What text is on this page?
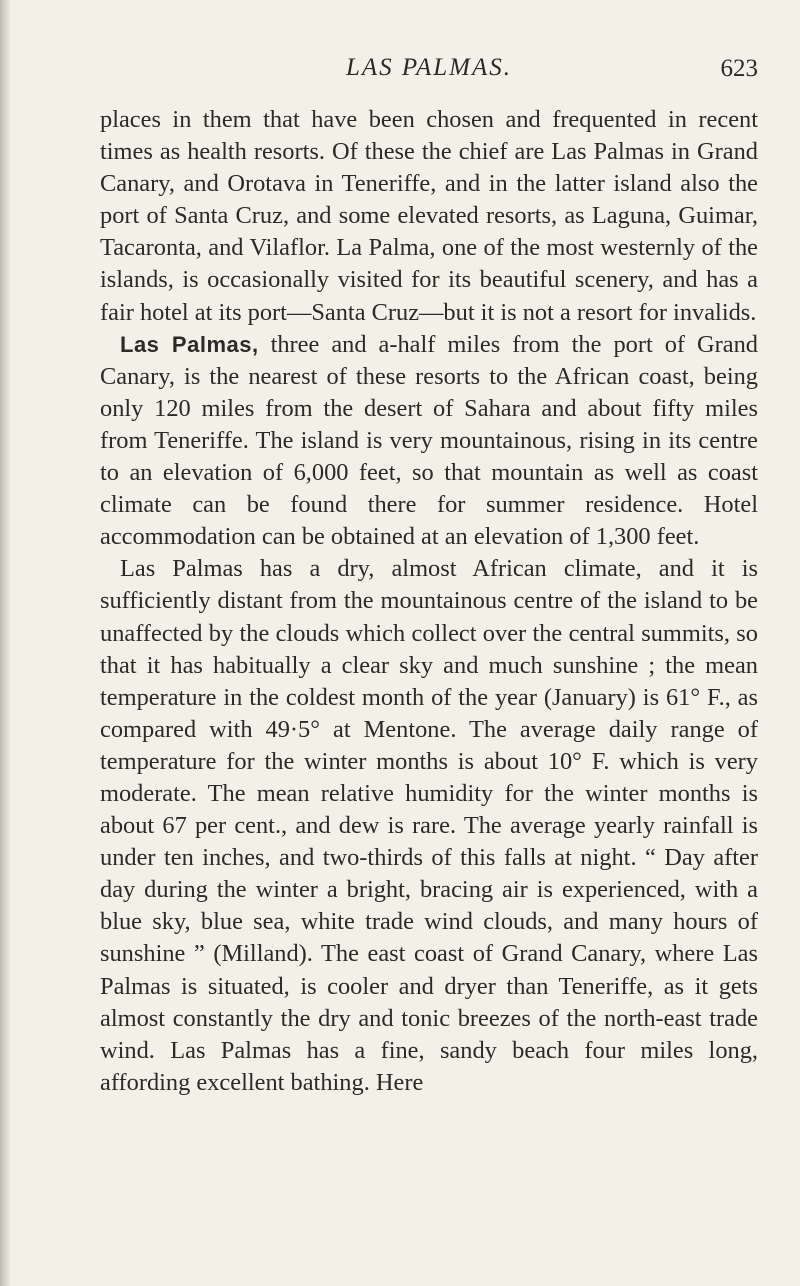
LAS PALMAS.	623

places in them that have been chosen and frequented in recent times as health resorts. Of these the chief are Las Palmas in Grand Canary, and Orotava in Teneriffe, and in the latter island also the port of Santa Cruz, and some elevated resorts, as Laguna, Guimar, Tacaronta, and Vilaflor. La Palma, one of the most westernly of the islands, is occasionally visited for its beautiful scenery, and has a fair hotel at its port—Santa Cruz—but it is not a resort for invalids.

Las Palmas, three and a-half miles from the port of Grand Canary, is the nearest of these resorts to the African coast, being only 120 miles from the desert of Sahara and about fifty miles from Teneriffe. The island is very mountainous, rising in its centre to an elevation of 6,000 feet, so that mountain as well as coast climate can be found there for summer residence. Hotel accommodation can be obtained at an elevation of 1,300 feet.

Las Palmas has a dry, almost African climate, and it is sufficiently distant from the mountainous centre of the island to be unaffected by the clouds which collect over the central summits, so that it has habitually a clear sky and much sunshine ; the mean temperature in the coldest month of the year (January) is 61° F., as compared with 49·5° at Mentone. The average daily range of temperature for the winter months is about 10° F. which is very moderate. The mean relative humidity for the winter months is about 67 per cent., and dew is rare. The average yearly rainfall is under ten inches, and two-thirds of this falls at night. “ Day after day during the winter a bright, bracing air is experienced, with a blue sky, blue sea, white trade wind clouds, and many hours of sunshine ” (Milland). The east coast of Grand Canary, where Las Palmas is situated, is cooler and dryer than Teneriffe, as it gets almost constantly the dry and tonic breezes of the north-east trade wind. Las Palmas has a fine, sandy beach four miles long, affording excellent bathing. Here
